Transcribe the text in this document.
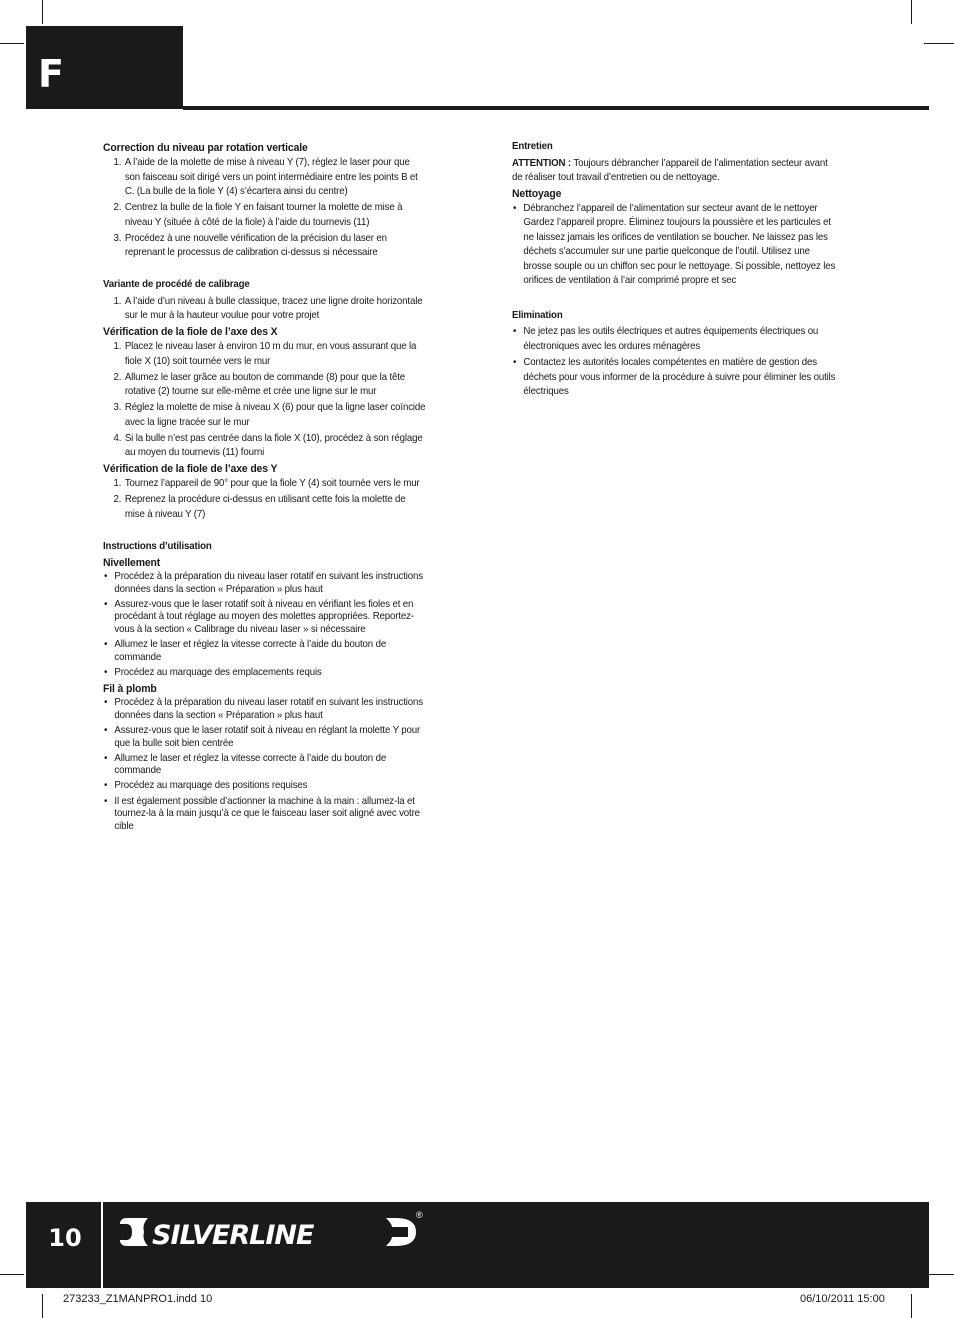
F

Correction du niveau par rotation verticale

1. A l’aide de la molette de mise à niveau Y (7), réglez le laser pour que son faisceau soit dirigé vers un point intermédiaire entre les points B et C. (La bulle de la fiole Y (4) s’écartera ainsi du centre)
2. Centrez la bulle de la fiole Y en faisant tourner la molette de mise à niveau Y (située à côté de la fiole) à l’aide du tournevis (11)
3. Procédez à une nouvelle vérification de la précision du laser en reprenant le processus de calibration ci-dessus si nécessaire

Variante de procédé de calibrage

1. A l’aide d’un niveau à bulle classique, tracez une ligne droite horizontale sur le mur à la hauteur voulue pour votre projet

Vérification de la fiole de l’axe des X

1. Placez le niveau laser à environ 10 m du mur, en vous assurant que la fiole X (10) soit tournée vers le mur
2. Allumez le laser grâce au bouton de commande (8) pour que la tête rotative (2) tourne sur elle-même et crée une ligne sur le mur
3. Réglez la molette de mise à niveau X (6) pour que la ligne laser coïncide avec la ligne tracée sur le mur
4. Si la bulle n’est pas centrée dans la fiole X (10), procédez à son réglage au moyen du tournevis (11) fourni

Vérification de la fiole de l’axe des Y

1. Tournez l’appareil de 90° pour que la fiole Y (4) soit tournée vers le mur
2. Reprenez la procédure ci-dessus en utilisant cette fois la molette de mise à niveau Y (7)

Instructions d’utilisation

Nivellement

• Procédez à la préparation du niveau laser rotatif en suivant les instructions données dans la section « Préparation » plus haut
• Assurez-vous que le laser rotatif soit à niveau en vérifiant les fioles et en procédant à tout réglage au moyen des molettes appropriées. Reportez-vous à la section « Calibrage du niveau laser » si nécessaire
• Allumez le laser et réglez la vitesse correcte à l’aide du bouton de commande
• Procédez au marquage des emplacements requis

Fil à plomb

• Procédez à la préparation du niveau laser rotatif en suivant les instructions données dans la section « Préparation » plus haut
• Assurez-vous que le laser rotatif soit à niveau en réglant la molette Y pour que la bulle soit bien centrée
• Allumez le laser et réglez la vitesse correcte à l’aide du bouton de commande
• Procédez au marquage des positions requises
• Il est également possible d’actionner la machine à la main : allumez-la et tournez-la à la main jusqu’à ce que le faisceau laser soit aligné avec votre cible

Entretien

ATTENTION : Toujours débrancher l’appareil de l’alimentation secteur avant de réaliser tout travail d’entretien ou de nettoyage.

Nettoyage

• Débranchez l’appareil de l’alimentation sur secteur avant de le nettoyer Gardez l’appareil propre. Éliminez toujours la poussière et les particules et ne laissez jamais les orifices de ventilation se boucher. Ne laissez pas les déchets s’accumuler sur une partie quelconque de l’outil. Utilisez une brosse souple ou un chiffon sec pour le nettoyage. Si possible, nettoyez les orifices de ventilation à l’air comprimé propre et sec

Elimination

• Ne jetez pas les outils électriques et autres équipements électriques ou électroniques avec les ordures ménagères
• Contactez les autorités locales compétentes en matière de gestion des déchets pour vous informer de la procédure à suivre pour éliminer les outils électriques
10	SILVERLINE
®
273233_Z1MANPRO1.indd 10	06/10/2011 15:00
